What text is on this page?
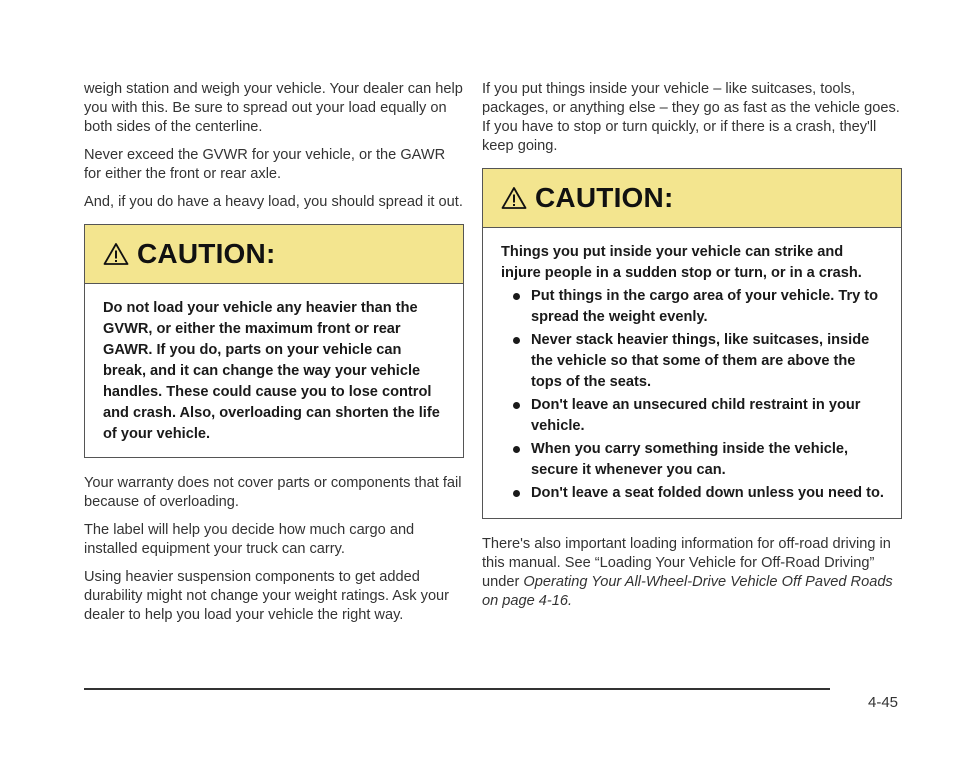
weigh station and weigh your vehicle. Your dealer can help you with this. Be sure to spread out your load equally on both sides of the centerline.

Never exceed the GVWR for your vehicle, or the GAWR for either the front or rear axle.

And, if you do have a heavy load, you should spread it out.

CAUTION:
Do not load your vehicle any heavier than the GVWR, or either the maximum front or rear GAWR. If you do, parts on your vehicle can break, and it can change the way your vehicle handles. These could cause you to lose control and crash. Also, overloading can shorten the life of your vehicle.

Your warranty does not cover parts or components that fail because of overloading.

The label will help you decide how much cargo and installed equipment your truck can carry.

Using heavier suspension components to get added durability might not change your weight ratings. Ask your dealer to help you load your vehicle the right way.

If you put things inside your vehicle – like suitcases, tools, packages, or anything else – they go as fast as the vehicle goes. If you have to stop or turn quickly, or if there is a crash, they'll keep going.

CAUTION:
Things you put inside your vehicle can strike and injure people in a sudden stop or turn, or in a crash.
Put things in the cargo area of your vehicle. Try to spread the weight evenly.
Never stack heavier things, like suitcases, inside the vehicle so that some of them are above the tops of the seats.
Don't leave an unsecured child restraint in your vehicle.
When you carry something inside the vehicle, secure it whenever you can.
Don't leave a seat folded down unless you need to.

There's also important loading information for off-road driving in this manual. See “Loading Your Vehicle for Off-Road Driving” under Operating Your All-Wheel-Drive Vehicle Off Paved Roads on page 4-16.

4-45
